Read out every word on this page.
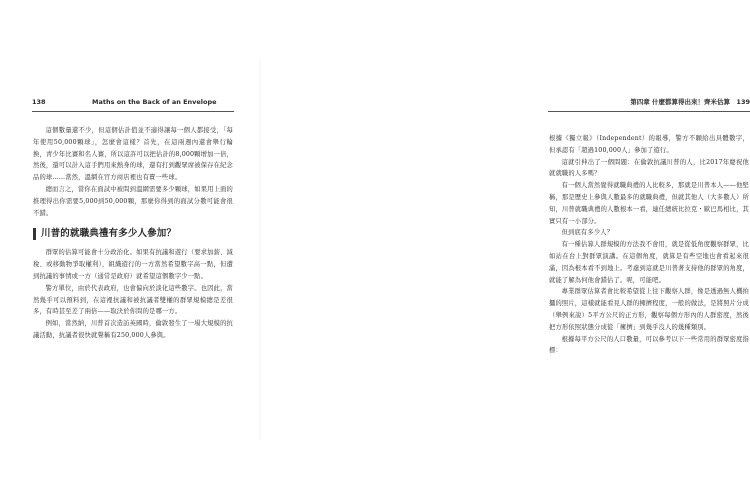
138	Maths on the Back of an Envelope

這個數量還不少，但這個估計值並不適得讓每一個人都接受，「每年使用50,000顆球」，怎麼會這樣？首先，在這兩週內還會舉行輪換，青少年比賽和名人賽，所以這許可以把估計的8,000顆增加一倍，然後，還可以計入這手們用來熱身的球，還有打到觀眾席被保存在紀念品的球……當然，溫網在官方商店裡也有賣一些球。

總而言之，當你在面試中被問到溫網需要多少顆球，如果用上面的推理得出你需要5,000到50,000顆，那麼你得到的面試分數可能會很不錯。

川普的就職典禮有多少人參加？

群眾的估算可能會十分政治化。如果有抗議和遊行（要求加薪、減稅、或移動物爭取權利），組織遊行的一方當然希望數字高一點，但遭到抗議的事情或一方（通常是政府）就希望這個數字少一點。

警方單位，由於代表政府，也會偏向於淡化這些數字。也因此，當然幾乎可以預料到，在這裡抗議和被抗議者雙權的群眾規模總是差很多，有時甚至差了兩倍——取決於你問的是哪一方。

例如，當然納，川普首次造訪英國時，倫敦發生了一場大規模的抗議活動，抗議者很快就聲稱有250,000人參與。

第四章 什麼都算得出來！齊米估算 139

根據《獨立報》（Independent）的報導，警方不願給出具體數字，但承認有「超過100,000人」參加了遊行。

這就引伸出了一個問題：在倫敦抗議川普的人，比2017年慶祝他就就職的人多嗎？

有一個人當然覺得就職典禮的人比較多，那就是川普本人——他堅稱，那是歷史上參與人數最多的就職典禮，但就其他人（大多數人）所知，川普就職典禮的人數根本一看，連任總統比拉克・歐巴馬相比，其實只有一小部分。

但到底有多少人？

有一種估算人群規模的方法我不會用，就是從低角度觀察群眾，比如站在台上對群眾演講。在這個角度，就算是有些空地也會看起來很滿，因為根本看不到地上。考慮到這就是川普著支持他的群眾的角度，就能了解為何他會錯估了。呢，可能吧。

專業群眾估算者會比較希望從上往下觀察人群，像是透過無人機拍攝的照片，這樣就能看見人群的擁擠程度，一般的做法，是將照片分成（舉例來說）5平方公尺的正方形，觀察每個方形內的人群密度，然後把方形依照狀態分成從「擁擠」到幾乎沒人的幾種類別。

根據每平方公尺的人口數量，可以參考以下一些常用的群眾密度指標：
